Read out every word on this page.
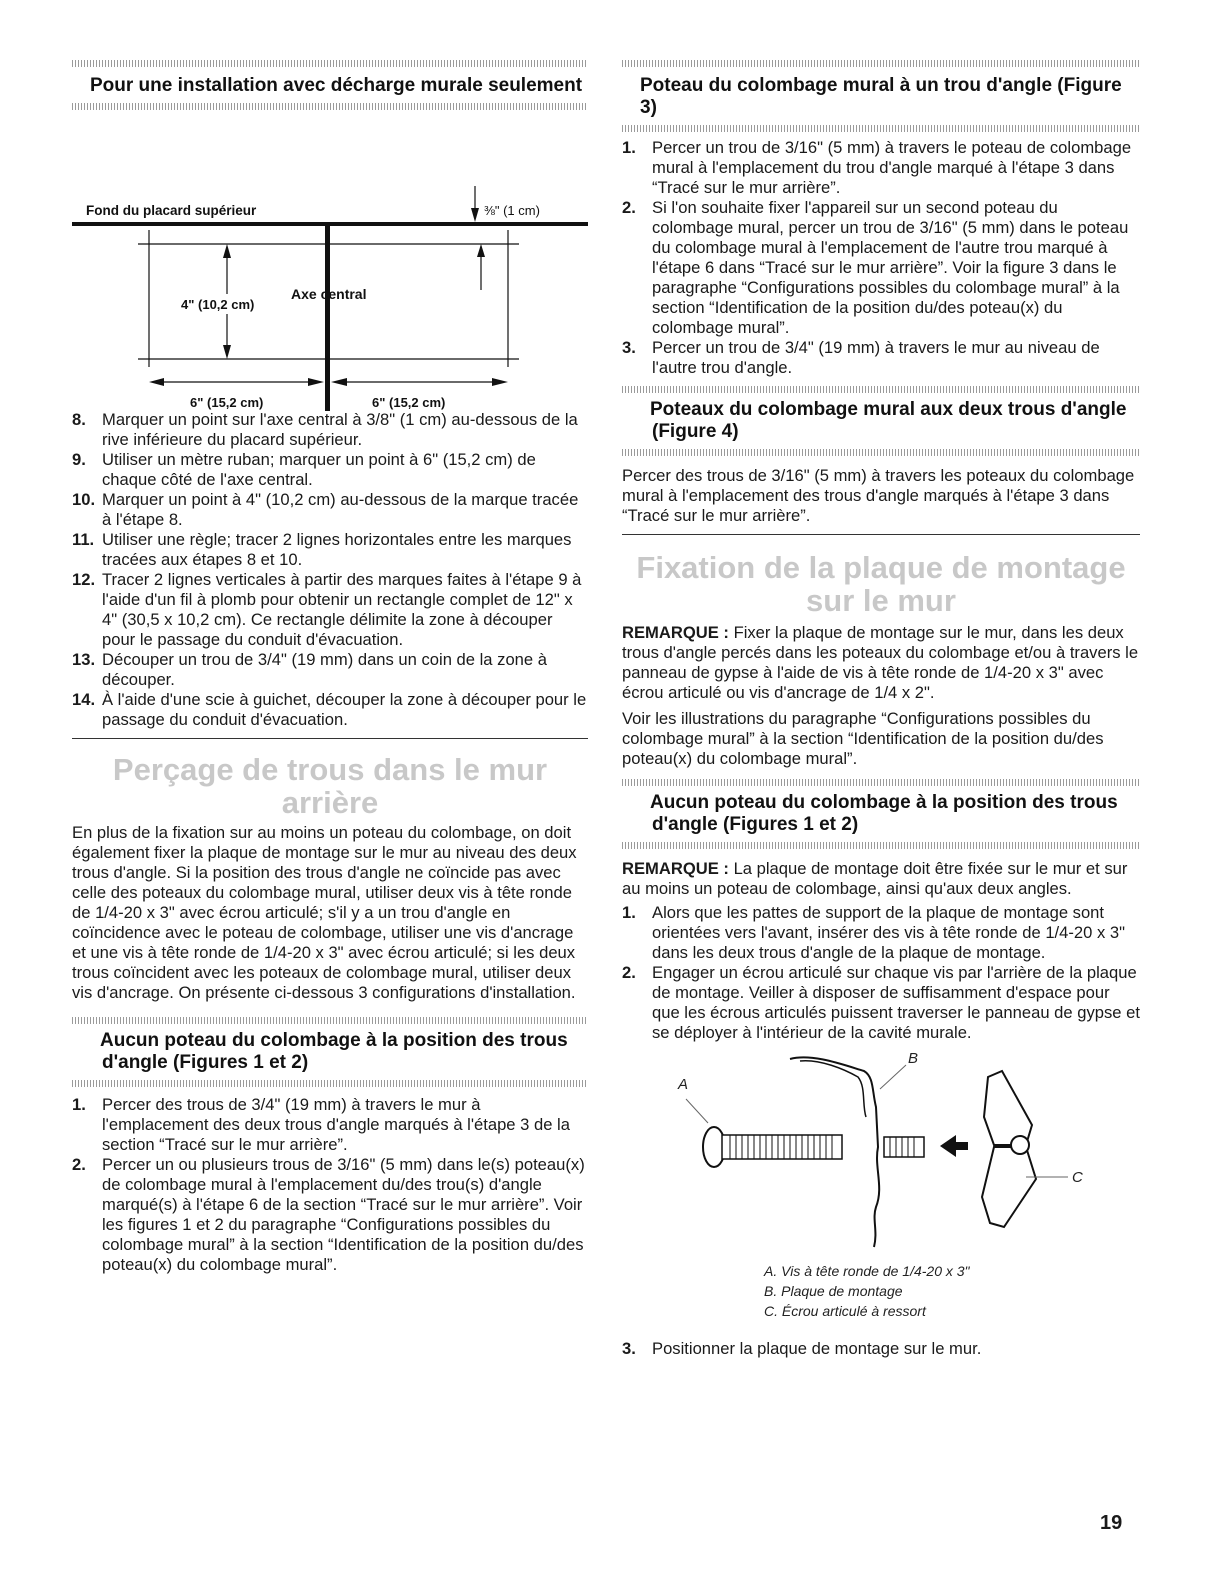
Pour une installation avec décharge murale seulement
Fond du placard supérieur	⅜" (1 cm)
4" (10,2 cm)
Axe central
6" (15,2 cm)	6" (15,2 cm)
8. Marquer un point sur l'axe central à 3/8" (1 cm) au-dessous de la rive inférieure du placard supérieur.
9. Utiliser un mètre ruban; marquer un point à 6" (15,2 cm) de chaque côté de l'axe central.
10. Marquer un point à 4" (10,2 cm) au-dessous de la marque tracée à l'étape 8.
11. Utiliser une règle; tracer 2 lignes horizontales entre les marques tracées aux étapes 8 et 10.
12. Tracer 2 lignes verticales à partir des marques faites à l'étape 9 à l'aide d'un fil à plomb pour obtenir un rectangle complet de 12" x 4" (30,5 x 10,2 cm). Ce rectangle délimite la zone à découper pour le passage du conduit d'évacuation.
13. Découper un trou de 3/4" (19 mm) dans un coin de la zone à découper.
14. À l'aide d'une scie à guichet, découper la zone à découper pour le passage du conduit d'évacuation.
Perçage de trous dans le mur arrière

En plus de la fixation sur au moins un poteau du colombage, on doit également fixer la plaque de montage sur le mur au niveau des deux trous d'angle. Si la position des trous d'angle ne coïncide pas avec celle des poteaux du colombage mural, utiliser deux vis à tête ronde de 1/4-20 x 3" avec écrou articulé; s'il y a un trou d'angle en coïncidence avec le poteau de colombage, utiliser une vis d'ancrage et une vis à tête ronde de 1/4-20 x 3" avec écrou articulé; si les deux trous coïncident avec les poteaux de colombage mural, utiliser deux vis d'ancrage. On présente ci-dessous 3 configurations d'installation.

Aucun poteau du colombage à la position des trous d'angle (Figures 1 et 2)
1. Percer des trous de 3/4" (19 mm) à travers le mur à l'emplacement des deux trous d'angle marqués à l'étape 3 de la section “Tracé sur le mur arrière”.
2. Percer un ou plusieurs trous de 3/16" (5 mm) dans le(s) poteau(x) de colombage mural à l'emplacement du/des trou(s) d'angle marqué(s) à l'étape 6 de la section “Tracé sur le mur arrière”. Voir les figures 1 et 2 du paragraphe “Configurations possibles du colombage mural” à la section “Identification de la position du/des poteau(x) du colombage mural”.
Poteau du colombage mural à un trou d'angle (Figure 3)
1. Percer un trou de 3/16" (5 mm) à travers le poteau de colombage mural à l'emplacement du trou d'angle marqué à l'étape 3 dans “Tracé sur le mur arrière”.
2. Si l'on souhaite fixer l'appareil sur un second poteau du colombage mural, percer un trou de 3/16" (5 mm) dans le poteau du colombage mural à l'emplacement de l'autre trou marqué à l'étape 6 dans “Tracé sur le mur arrière”. Voir la figure 3 dans le paragraphe “Configurations possibles du colombage mural” à la section “Identification de la position du/des poteau(x) du colombage mural”.
3. Percer un trou de 3/4" (19 mm) à travers le mur au niveau de l'autre trou d'angle.
Poteaux du colombage mural aux deux trous d'angle (Figure 4)

Percer des trous de 3/16" (5 mm) à travers les poteaux du colombage mural à l'emplacement des trous d'angle marqués à l'étape 3 dans “Tracé sur le mur arrière”.

Fixation de la plaque de montage sur le mur

REMARQUE : Fixer la plaque de montage sur le mur, dans les deux trous d'angle percés dans les poteaux du colombage et/ou à travers le panneau de gypse à l'aide de vis à tête ronde de 1/4-20 x 3" avec écrou articulé ou vis d'ancrage de 1/4 x 2".

Voir les illustrations du paragraphe “Configurations possibles du colombage mural” à la section “Identification de la position du/des poteau(x) du colombage mural”.

Aucun poteau du colombage à la position des trous d'angle (Figures 1 et 2)

REMARQUE : La plaque de montage doit être fixée sur le mur et sur au moins un poteau de colombage, ainsi qu'aux deux angles.

1. Alors que les pattes de support de la plaque de montage sont orientées vers l'avant, insérer des vis à tête ronde de 1/4-20 x 3" dans les deux trous d'angle de la plaque de montage.
2. Engager un écrou articulé sur chaque vis par l'arrière de la plaque de montage. Veiller à disposer de suffisamment d'espace pour que les écrous articulés puissent traverser le panneau de gypse et se déployer à l'intérieur de la cavité murale.
A
B
C
A. Vis à tête ronde de 1/4-20 x 3"
B. Plaque de montage
C. Écrou articulé à ressort
3. Positionner la plaque de montage sur le mur.
19
